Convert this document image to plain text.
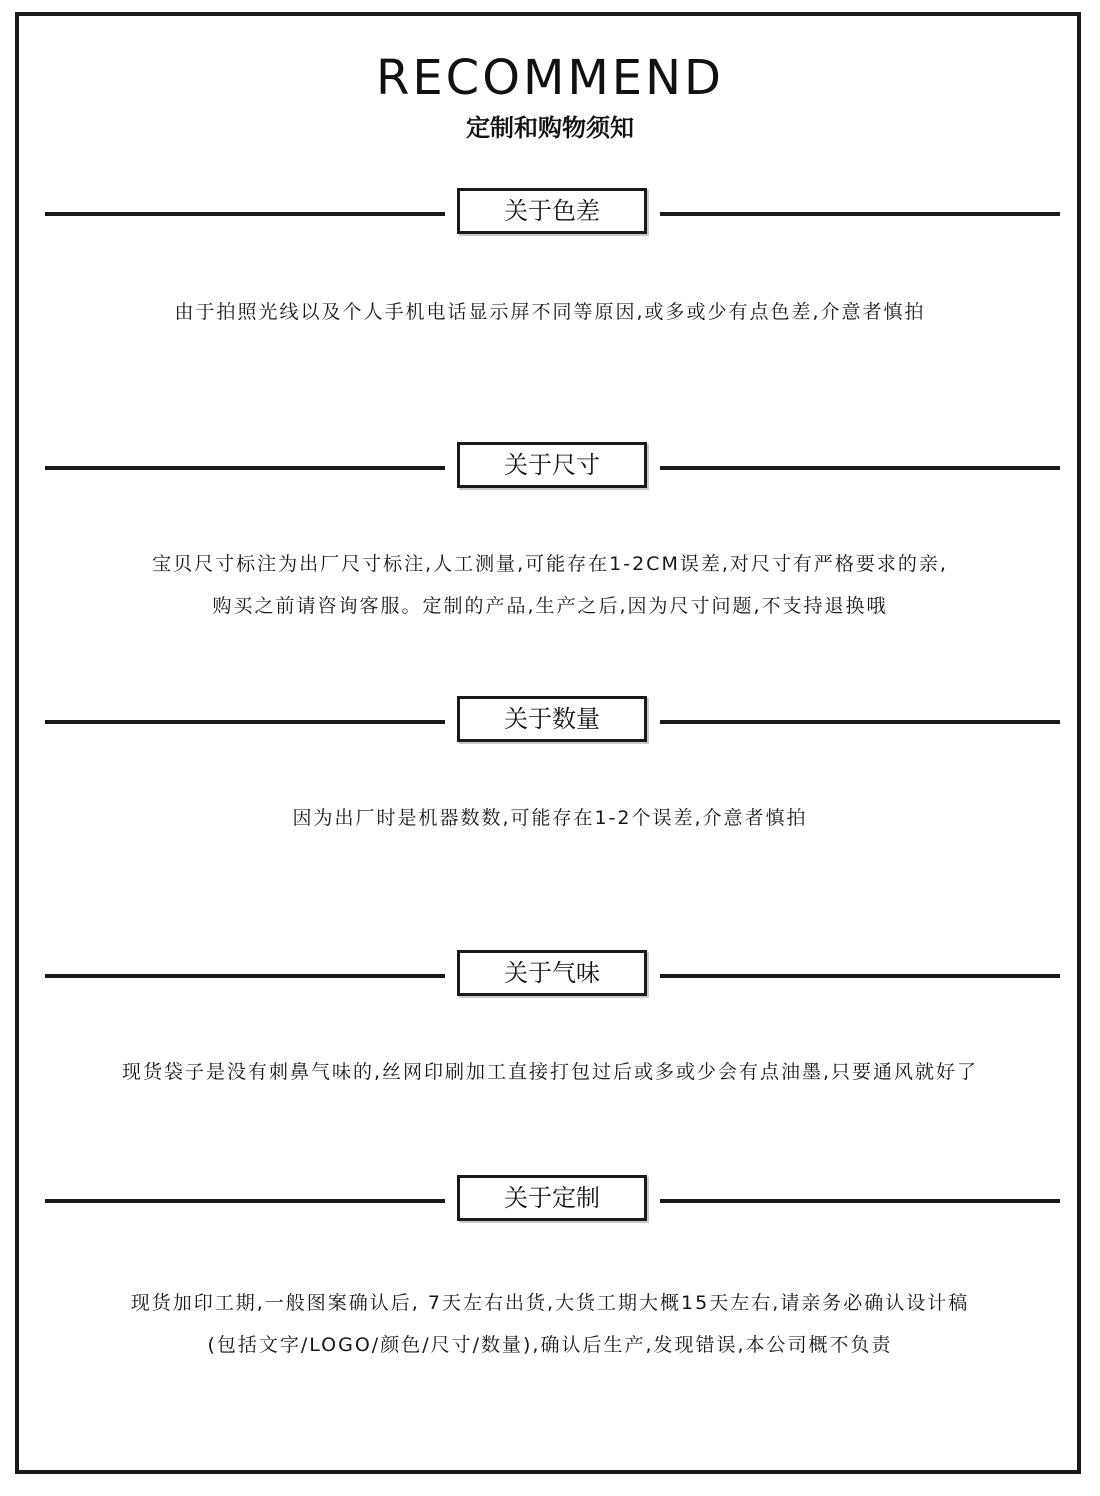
RECOMMEND
定制和购物须知
关于色差

由于拍照光线以及个人手机电话显示屏不同等原因,或多或少有点色差,介意者慎拍

关于尺寸

宝贝尺寸标注为出厂尺寸标注,人工测量,可能存在1-2CM误差,对尺寸有严格要求的亲,

购买之前请咨询客服。定制的产品,生产之后,因为尺寸问题,不支持退换哦

关于数量

因为出厂时是机器数数,可能存在1-2个误差,介意者慎拍

关于气味

现货袋子是没有刺鼻气味的,丝网印刷加工直接打包过后或多或少会有点油墨,只要通风就好了

关于定制

现货加印工期,一般图案确认后, 7天左右出货,大货工期大概15天左右,请亲务必确认设计稿

(包括文字/LOGO/颜色/尺寸/数量),确认后生产,发现错误,本公司概不负责
